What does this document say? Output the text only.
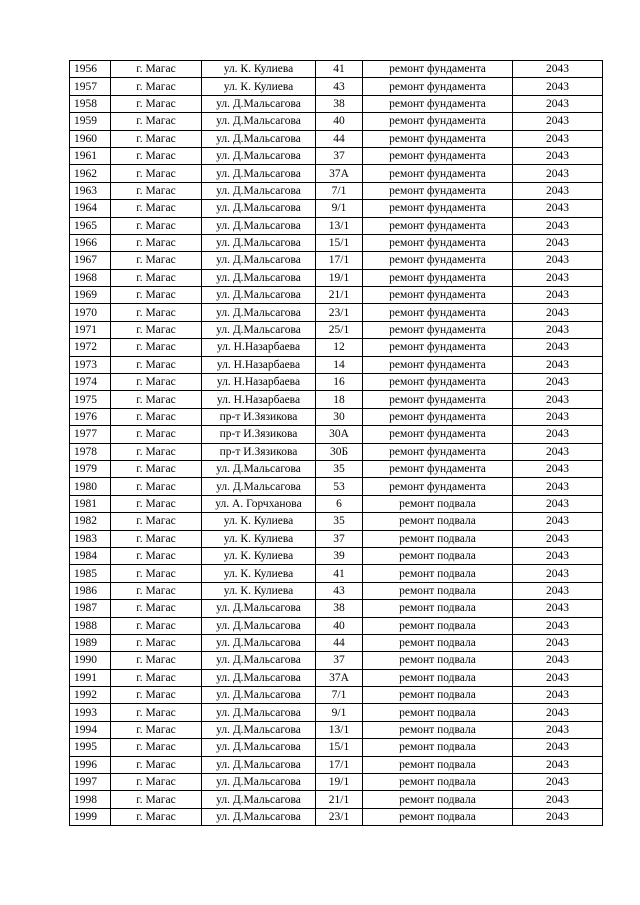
1956	г. Магас	ул. К. Кулиева	41	ремонт фундамента	2043
1957	г. Магас	ул. К. Кулиева	43	ремонт фундамента	2043
1958	г. Магас	ул. Д.Мальсагова	38	ремонт фундамента	2043
1959	г. Магас	ул. Д.Мальсагова	40	ремонт фундамента	2043
1960	г. Магас	ул. Д.Мальсагова	44	ремонт фундамента	2043
1961	г. Магас	ул. Д.Мальсагова	37	ремонт фундамента	2043
1962	г. Магас	ул. Д.Мальсагова	37А	ремонт фундамента	2043
1963	г. Магас	ул. Д.Мальсагова	7/1	ремонт фундамента	2043
1964	г. Магас	ул. Д.Мальсагова	9/1	ремонт фундамента	2043
1965	г. Магас	ул. Д.Мальсагова	13/1	ремонт фундамента	2043
1966	г. Магас	ул. Д.Мальсагова	15/1	ремонт фундамента	2043
1967	г. Магас	ул. Д.Мальсагова	17/1	ремонт фундамента	2043
1968	г. Магас	ул. Д.Мальсагова	19/1	ремонт фундамента	2043
1969	г. Магас	ул. Д.Мальсагова	21/1	ремонт фундамента	2043
1970	г. Магас	ул. Д.Мальсагова	23/1	ремонт фундамента	2043
1971	г. Магас	ул. Д.Мальсагова	25/1	ремонт фундамента	2043
1972	г. Магас	ул. Н.Назарбаева	12	ремонт фундамента	2043
1973	г. Магас	ул. Н.Назарбаева	14	ремонт фундамента	2043
1974	г. Магас	ул. Н.Назарбаева	16	ремонт фундамента	2043
1975	г. Магас	ул. Н.Назарбаева	18	ремонт фундамента	2043
1976	г. Магас	пр-т И.Зязикова	30	ремонт фундамента	2043
1977	г. Магас	пр-т И.Зязикова	30А	ремонт фундамента	2043
1978	г. Магас	пр-т И.Зязикова	30Б	ремонт фундамента	2043
1979	г. Магас	ул. Д.Мальсагова	35	ремонт фундамента	2043
1980	г. Магас	ул. Д.Мальсагова	53	ремонт фундамента	2043
1981	г. Магас	ул. А. Горчханова	6	ремонт подвала	2043
1982	г. Магас	ул. К. Кулиева	35	ремонт подвала	2043
1983	г. Магас	ул. К. Кулиева	37	ремонт подвала	2043
1984	г. Магас	ул. К. Кулиева	39	ремонт подвала	2043
1985	г. Магас	ул. К. Кулиева	41	ремонт подвала	2043
1986	г. Магас	ул. К. Кулиева	43	ремонт подвала	2043
1987	г. Магас	ул. Д.Мальсагова	38	ремонт подвала	2043
1988	г. Магас	ул. Д.Мальсагова	40	ремонт подвала	2043
1989	г. Магас	ул. Д.Мальсагова	44	ремонт подвала	2043
1990	г. Магас	ул. Д.Мальсагова	37	ремонт подвала	2043
1991	г. Магас	ул. Д.Мальсагова	37А	ремонт подвала	2043
1992	г. Магас	ул. Д.Мальсагова	7/1	ремонт подвала	2043
1993	г. Магас	ул. Д.Мальсагова	9/1	ремонт подвала	2043
1994	г. Магас	ул. Д.Мальсагова	13/1	ремонт подвала	2043
1995	г. Магас	ул. Д.Мальсагова	15/1	ремонт подвала	2043
1996	г. Магас	ул. Д.Мальсагова	17/1	ремонт подвала	2043
1997	г. Магас	ул. Д.Мальсагова	19/1	ремонт подвала	2043
1998	г. Магас	ул. Д.Мальсагова	21/1	ремонт подвала	2043
1999	г. Магас	ул. Д.Мальсагова	23/1	ремонт подвала	2043
